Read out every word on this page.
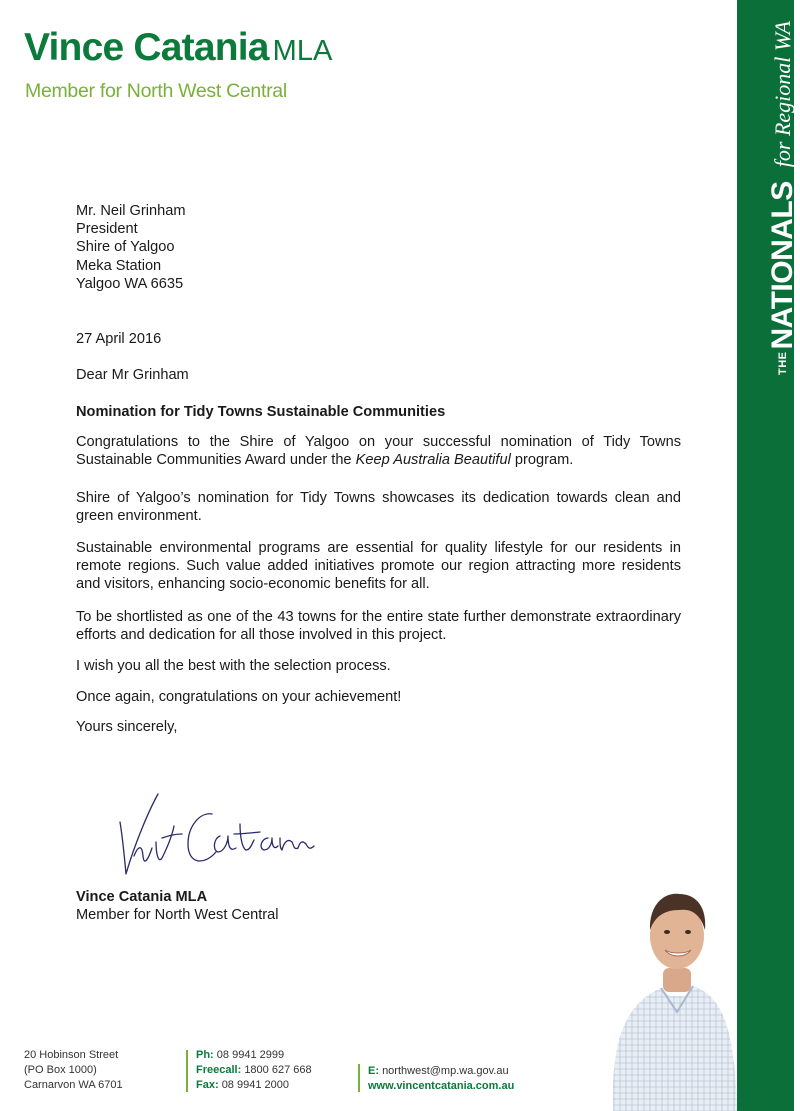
Vince Catania MLA
Member for North West Central
THE
NATIONALS
for Regional WA
Mr. Neil Grinham
President
Shire of Yalgoo
Meka Station
Yalgoo WA 6635
27 April 2016
Dear Mr Grinham
Nomination for Tidy Towns Sustainable Communities
Congratulations to the Shire of Yalgoo on your successful nomination of Tidy Towns Sustainable Communities Award under the Keep Australia Beautiful program.
Shire of Yalgoo’s nomination for Tidy Towns showcases its dedication towards clean and green environment.
Sustainable environmental programs are essential for quality lifestyle for our residents in remote regions. Such value added initiatives promote our region attracting more residents and visitors, enhancing socio-economic benefits for all.
To be shortlisted as one of the 43 towns for the entire state further demonstrate extraordinary efforts and dedication for all those involved in this project.
I wish you all the best with the selection process.
Once again, congratulations on your achievement!
Yours sincerely,
Vince Catania MLA
Member for North West Central
20 Hobinson Street
(PO Box 1000)
Carnarvon WA 6701
Ph: 08 9941 2999
Freecall: 1800 627 668
Fax: 08 9941 2000
E: northwest@mp.wa.gov.au
www.vincentcatania.com.au
